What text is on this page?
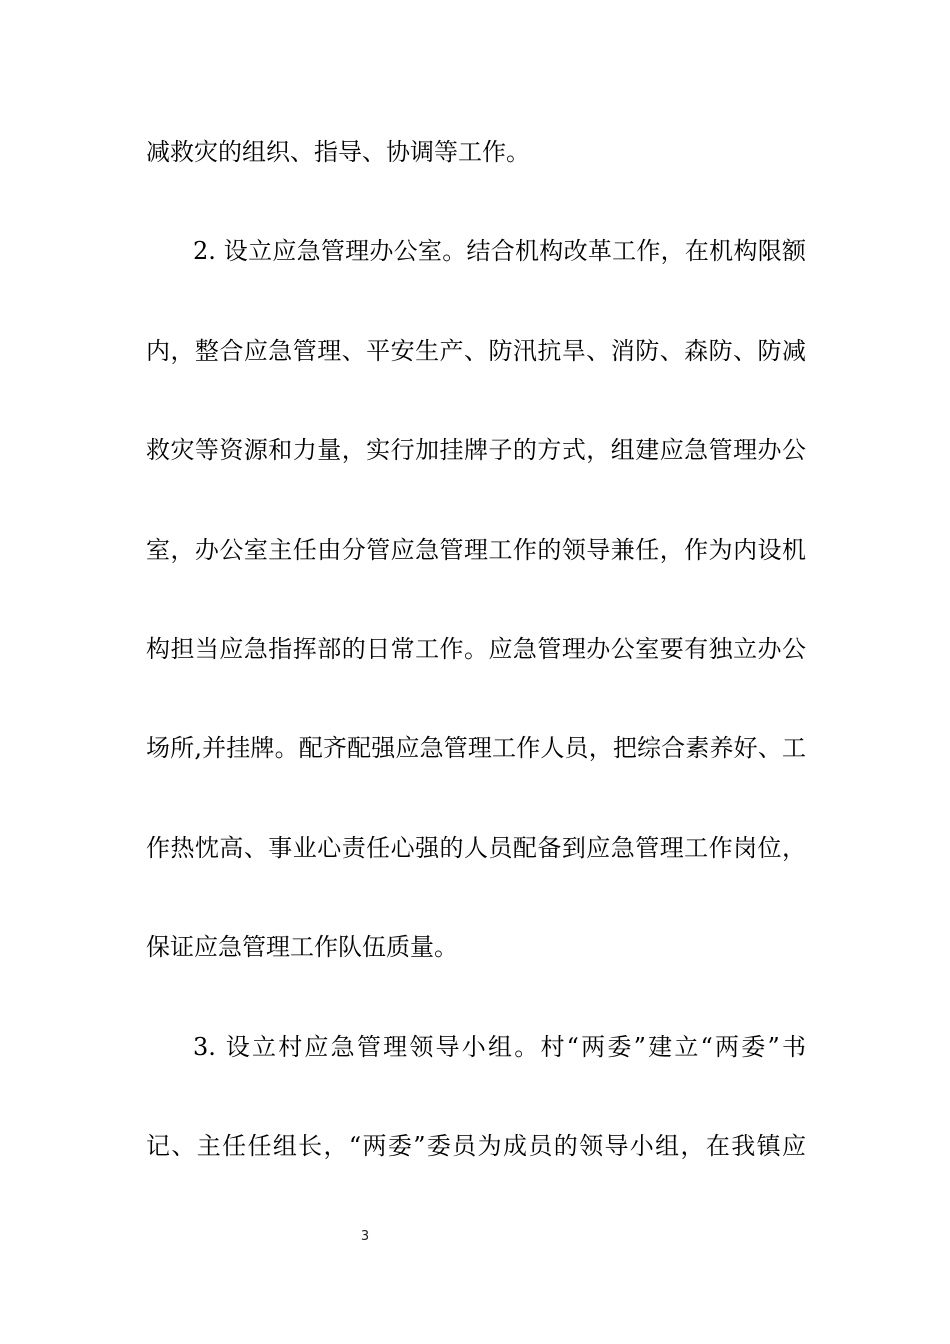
减救灾的组织、指导、协调等工作。
2. 设立应急管理办公室。结合机构改革工作，在机构限额
内，整合应急管理、平安生产、防汛抗旱、消防、森防、防减
救灾等资源和力量，实行加挂牌子的方式，组建应急管理办公
室，办公室主任由分管应急管理工作的领导兼任，作为内设机
构担当应急指挥部的日常工作。应急管理办公室要有独立办公
场所,并挂牌。配齐配强应急管理工作人员，把综合素养好、工
作热忱高、事业心责任心强的人员配备到应急管理工作岗位，
保证应急管理工作队伍质量。
3. 设立村应急管理领导小组。村“两委”建立“两委”书
记、主任任组长，“两委”委员为成员的领导小组，在我镇应
3
